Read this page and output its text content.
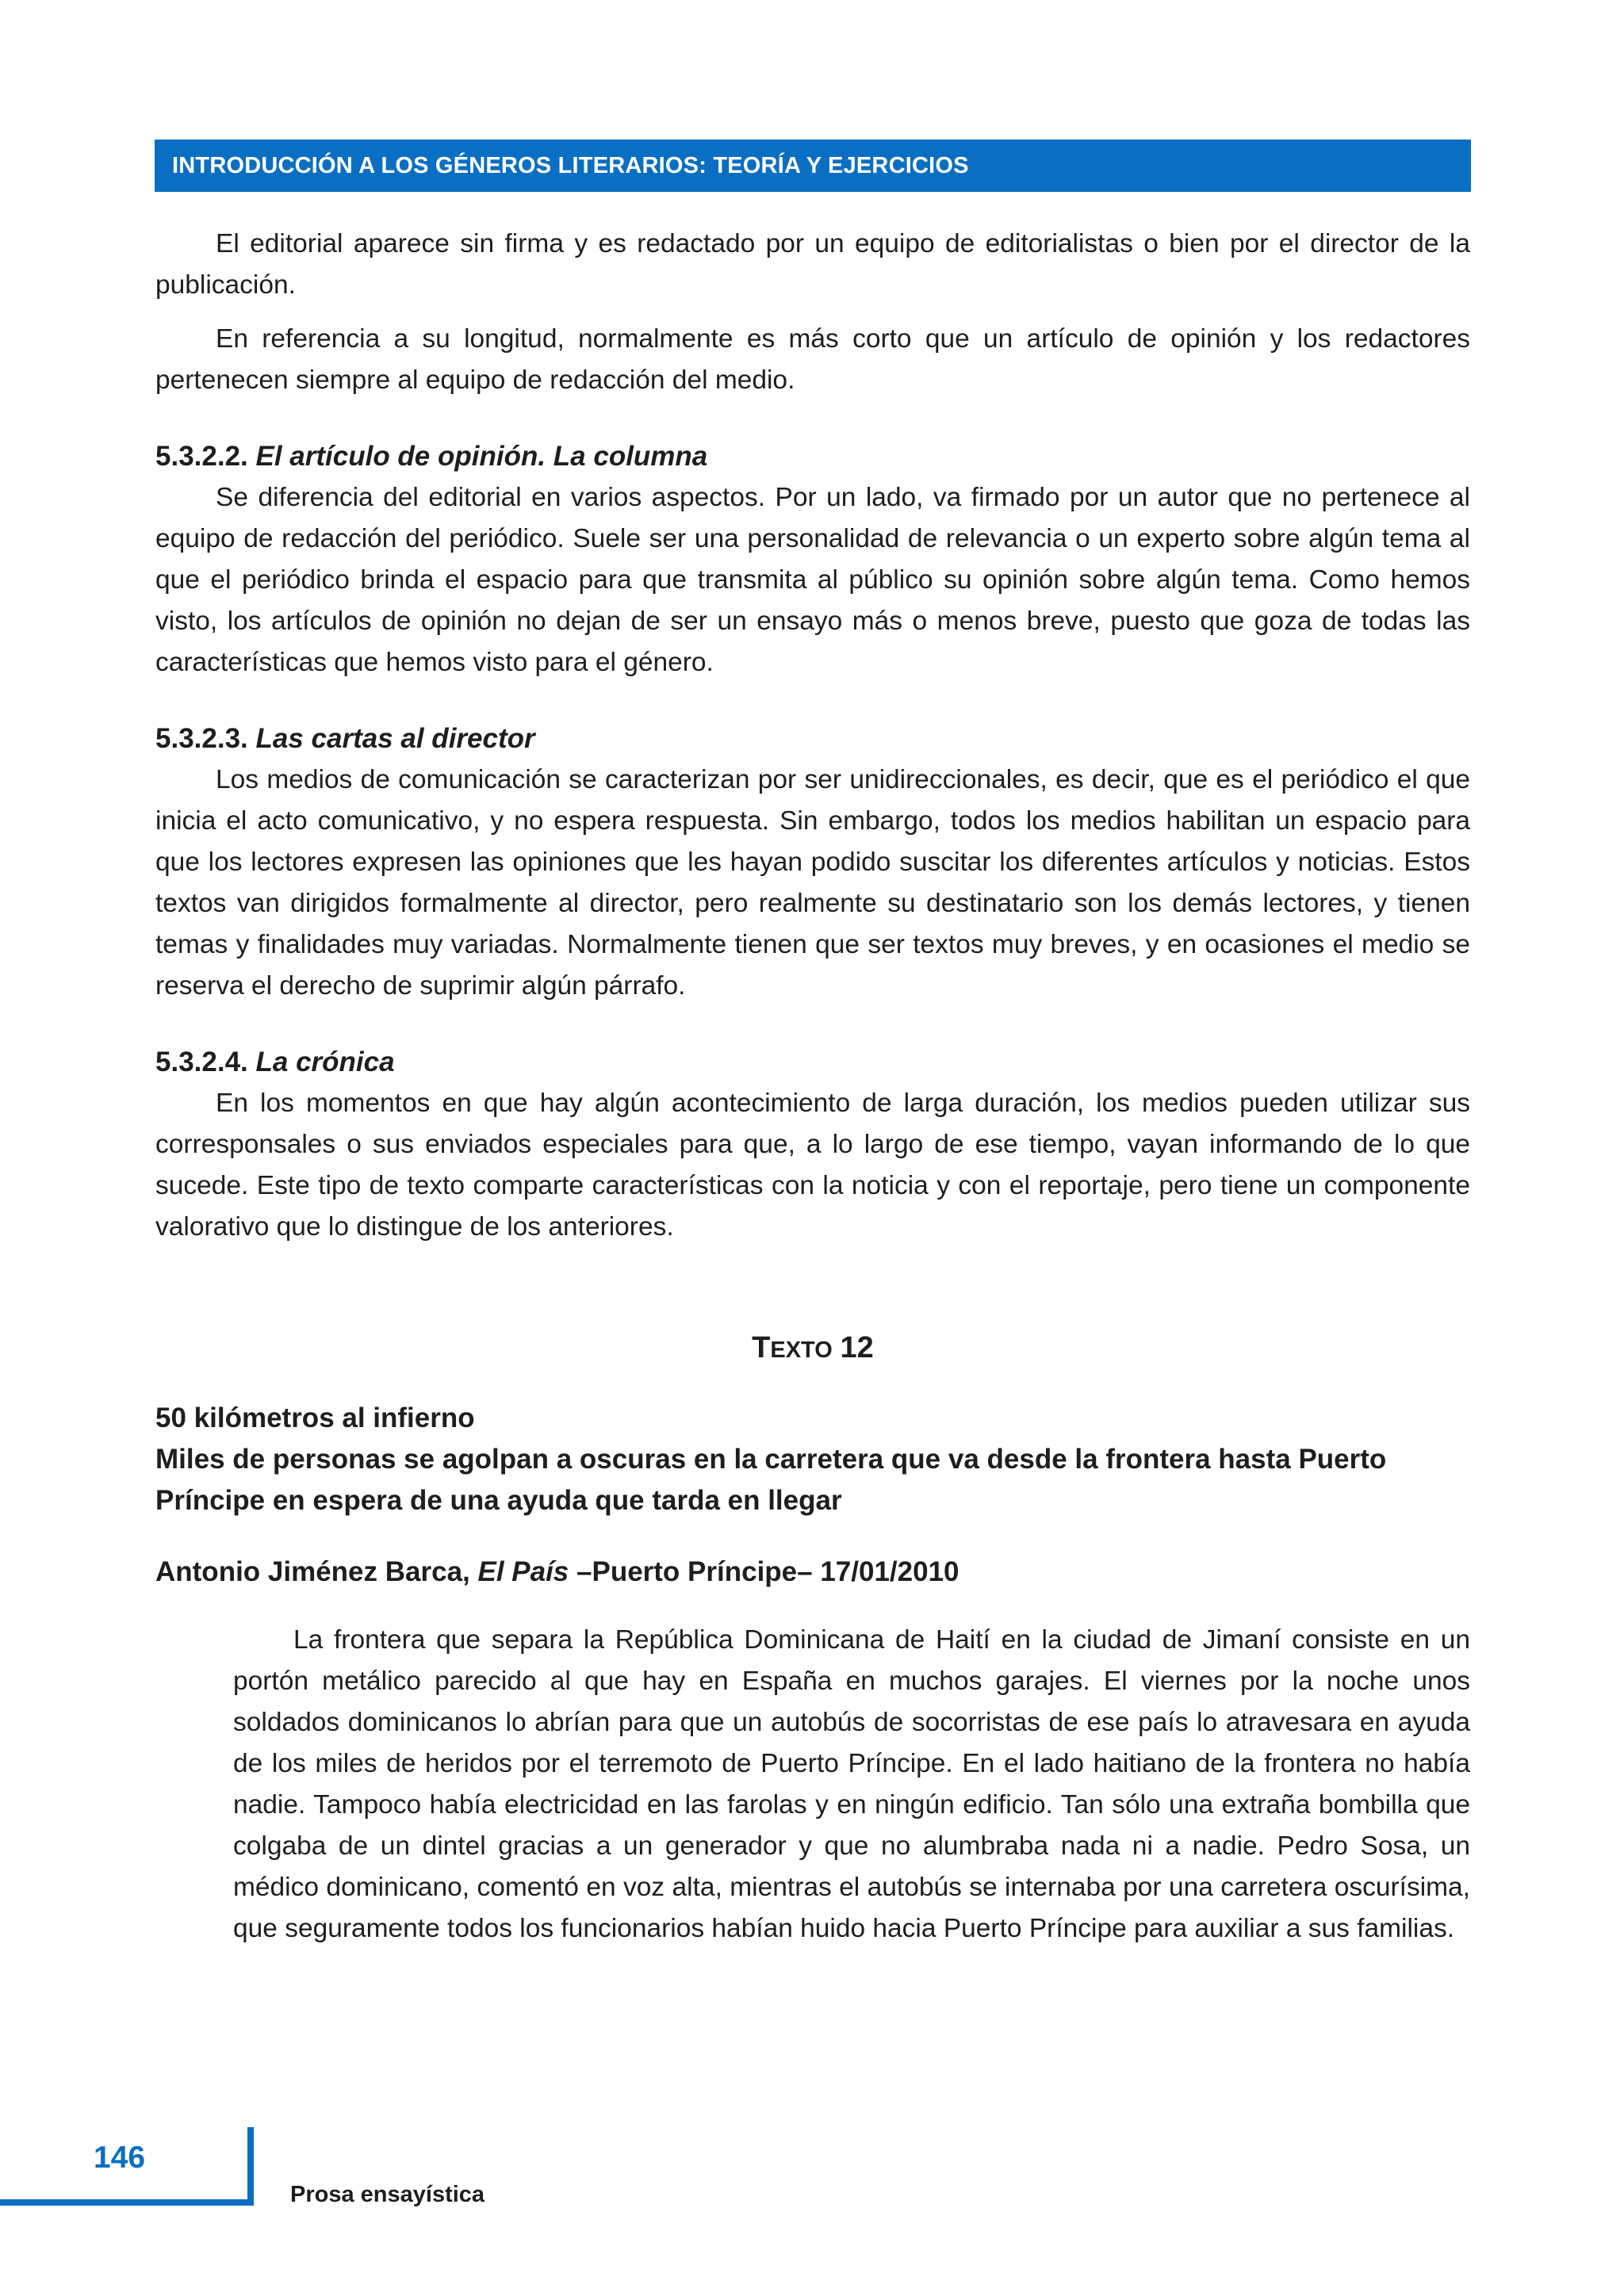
INTRODUCCIÓN A LOS GÉNEROS LITERARIOS: TEORÍA Y EJERCICIOS

El editorial aparece sin firma y es redactado por un equipo de editorialistas o bien por el director de la publicación.

En referencia a su longitud, normalmente es más corto que un artículo de opinión y los redactores pertenecen siempre al equipo de redacción del medio.

5.3.2.2. El artículo de opinión. La columna

Se diferencia del editorial en varios aspectos. Por un lado, va firmado por un autor que no pertenece al equipo de redacción del periódico. Suele ser una personalidad de relevancia o un experto sobre algún tema al que el periódico brinda el espacio para que transmita al público su opinión sobre algún tema. Como hemos visto, los artículos de opinión no dejan de ser un ensayo más o menos breve, puesto que goza de todas las características que hemos visto para el género.

5.3.2.3. Las cartas al director

Los medios de comunicación se caracterizan por ser unidireccionales, es decir, que es el periódico el que inicia el acto comunicativo, y no espera respuesta. Sin embargo, todos los medios habilitan un espacio para que los lectores expresen las opiniones que les hayan podido suscitar los diferentes artículos y noticias. Estos textos van dirigidos formalmente al director, pero realmente su destinatario son los demás lectores, y tienen temas y finalidades muy variadas. Normalmente tienen que ser textos muy breves, y en ocasiones el medio se reserva el derecho de suprimir algún párrafo.

5.3.2.4. La crónica

En los momentos en que hay algún acontecimiento de larga duración, los medios pueden utilizar sus corresponsales o sus enviados especiales para que, a lo largo de ese tiempo, vayan informando de lo que sucede. Este tipo de texto comparte características con la noticia y con el reportaje, pero tiene un componente valorativo que lo distingue de los anteriores.

TEXTO 12
50 kilómetros al infierno
Miles de personas se agolpan a oscuras en la carretera que va desde la frontera hasta Puerto Príncipe en espera de una ayuda que tarda en llegar
Antonio Jiménez Barca, El País –Puerto Príncipe– 17/01/2010

La frontera que separa la República Dominicana de Haití en la ciudad de Jimaní consiste en un portón metálico parecido al que hay en España en muchos garajes. El viernes por la noche unos soldados dominicanos lo abrían para que un autobús de socorristas de ese país lo atravesara en ayuda de los miles de heridos por el terremoto de Puerto Príncipe. En el lado haitiano de la frontera no había nadie. Tampoco había electricidad en las farolas y en ningún edificio. Tan sólo una extraña bombilla que colgaba de un dintel gracias a un generador y que no alumbraba nada ni a nadie. Pedro Sosa, un médico dominicano, comentó en voz alta, mientras el autobús se internaba por una carretera oscurísima, que seguramente todos los funcionarios habían huido hacia Puerto Príncipe para auxiliar a sus familias.

146
Prosa ensayística
